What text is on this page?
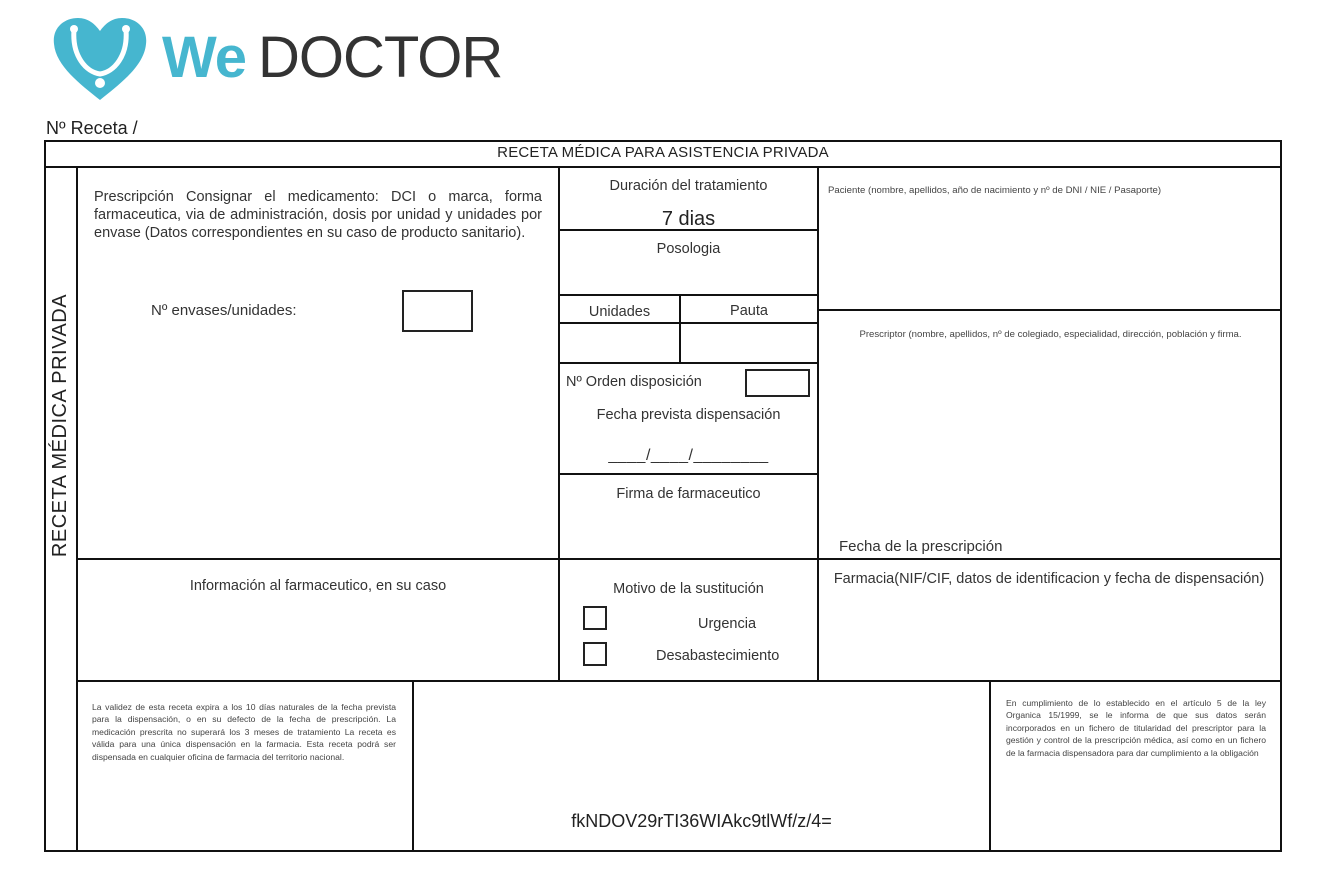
We DOCTOR
Nº Receta /
RECETA MÉDICA PARA ASISTENCIA PRIVADA
RECETA MÉDICA PRIVADA
Prescripción Consignar el medicamento: DCI o marca, forma farmaceutica, via de administración, dosis por unidad y unidades por envase (Datos correspondientes en su caso de producto sanitario).
Nº envases/unidades:
Duración del tratamiento
7 dias
Posologia
Unidades	Pauta
Nº Orden disposición
Fecha prevista dispensación
____/____/________
Firma de farmaceutico
Paciente (nombre, apellidos, año de nacimiento y nº de DNI / NIE / Pasaporte)
Prescriptor (nombre, apellidos, nº de colegiado, especialidad, dirección, población y firma.
Fecha de la prescripción
Información al farmaceutico, en su caso	Motivo de la sustitución
Urgencia
Desabastecimiento
Farmacia(NIF/CIF, datos de identificacion y fecha de dispensación)
La validez de esta receta expira a los 10 días naturales de la fecha prevista para la dispensación, o en su defecto de la fecha de prescripción. La medicación prescrita no superará los 3 meses de tratamiento La receta es válida para una única dispensación en la farmacia. Esta receta podrá ser dispensada en cualquier oficina de farmacia del territorio nacional.
fkNDOV29rTI36WIAkc9tlWf/z/4=
En cumplimiento de lo establecido en el artículo 5 de la ley Organica 15/1999, se le informa de que sus datos serán incorporados en un fichero de titularidad del prescriptor para la gestión y control de la prescripción médica, así como en un fichero de la farmacia dispensadora para dar cumplimiento a la obligación
